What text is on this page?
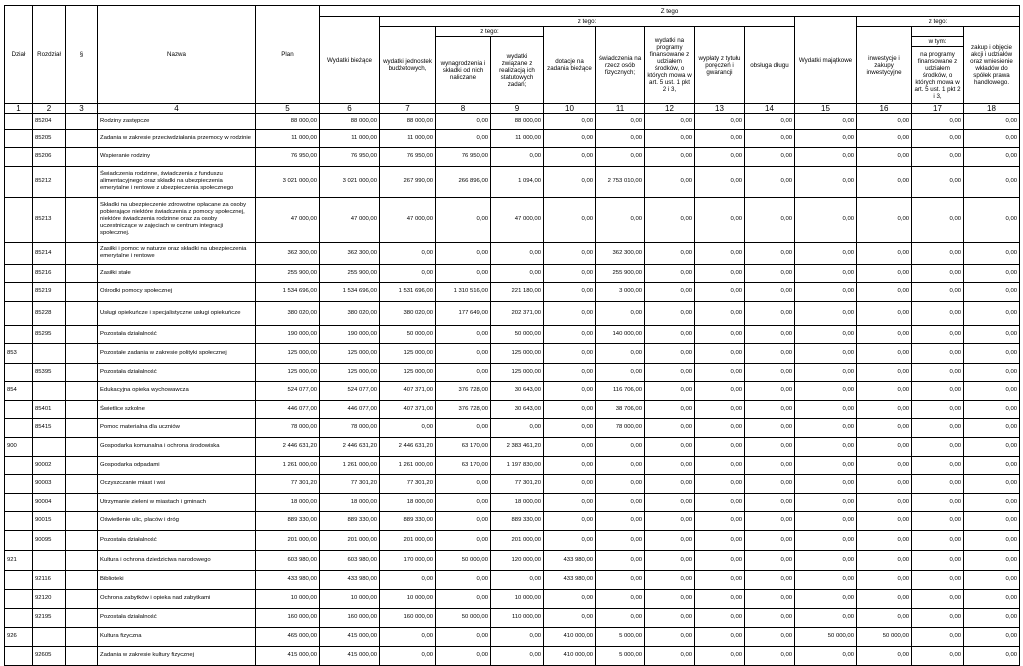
Dział	Rozdział	§	Nazwa	Plan	Z tego												
					Wydatki bieżące	z tego:								Wydatki majątkowe	z tego:		
						wydatki jednostek budżetowych,	z tego:		dotacje na zadania bieżące	świadczenia na rzecz osób fizycznych;	wydatki na programy finansowane z udziałem środków, o których mowa w art. 5 ust. 1 pkt 2 i 3,	wypłaty z tytułu poręczeń i gwarancji	obsługa długu		inwestycje i zakupy inwestycyjne		zakup i objęcie akcji i udziałów oraz wniesienie wkładów do spółek prawa handlowego.
							wynagrodzenia i składki od nich naliczane	wydatki związane z realizacją ich statutowych zadań;								w tym:	
																na programy finansowane z udziałem środków, o których mowa w art. 5 ust. 1 pkt 2 i 3,	
1	2	3	4	5	6	7	8	9	10	11	12	13	14	15	16	17	18
	85204		Rodziny zastępcze	88 000,00	88 000,00	88 000,00	0,00	88 000,00	0,00	0,00	0,00	0,00	0,00	0,00	0,00	0,00	0,00
	85205		Zadania w zakresie przeciwdziałania przemocy w rodzinie	11 000,00	11 000,00	11 000,00	0,00	11 000,00	0,00	0,00	0,00	0,00	0,00	0,00	0,00	0,00	0,00
	85206		Wspieranie rodziny	76 950,00	76 950,00	76 950,00	76 950,00	0,00	0,00	0,00	0,00	0,00	0,00	0,00	0,00	0,00	0,00
	85212		Świadczenia rodzinne, świadczenia z funduszu alimentacyjnego oraz składki na ubezpieczenia emerytalne i rentowe z ubezpieczenia społecznego	3 021 000,00	3 021 000,00	267 990,00	266 896,00	1 094,00	0,00	2 753 010,00	0,00	0,00	0,00	0,00	0,00	0,00	0,00
	85213		Składki na ubezpieczenie zdrowotne opłacane za osoby pobierające niektóre świadczenia z pomocy społecznej, niektóre świadczenia rodzinne oraz za osoby uczestniczące w zajęciach w centrum integracji społecznej.	47 000,00	47 000,00	47 000,00	0,00	47 000,00	0,00	0,00	0,00	0,00	0,00	0,00	0,00	0,00	0,00
	85214		Zasiłki i pomoc w naturze oraz składki na ubezpieczenia emerytalne i rentowe	362 300,00	362 300,00	0,00	0,00	0,00	0,00	362 300,00	0,00	0,00	0,00	0,00	0,00	0,00	0,00
	85216		Zasiłki stałe	255 900,00	255 900,00	0,00	0,00	0,00	0,00	255 900,00	0,00	0,00	0,00	0,00	0,00	0,00	0,00
	85219		Ośrodki pomocy społecznej	1 534 696,00	1 534 696,00	1 531 696,00	1 310 516,00	221 180,00	0,00	3 000,00	0,00	0,00	0,00	0,00	0,00	0,00	0,00
	85228		Usługi opiekuńcze i specjalistyczne usługi opiekuńcze	380 020,00	380 020,00	380 020,00	177 649,00	202 371,00	0,00	0,00	0,00	0,00	0,00	0,00	0,00	0,00	0,00
	85295		Pozostała działalność	190 000,00	190 000,00	50 000,00	0,00	50 000,00	0,00	140 000,00	0,00	0,00	0,00	0,00	0,00	0,00	0,00
853			Pozostałe zadania w zakresie polityki społecznej	125 000,00	125 000,00	125 000,00	0,00	125 000,00	0,00	0,00	0,00	0,00	0,00	0,00	0,00	0,00	0,00
	85395		Pozostała działalność	125 000,00	125 000,00	125 000,00	0,00	125 000,00	0,00	0,00	0,00	0,00	0,00	0,00	0,00	0,00	0,00
854			Edukacyjna opieka wychowawcza	524 077,00	524 077,00	407 371,00	376 728,00	30 643,00	0,00	116 706,00	0,00	0,00	0,00	0,00	0,00	0,00	0,00
	85401		Świetlice szkolne	446 077,00	446 077,00	407 371,00	376 728,00	30 643,00	0,00	38 706,00	0,00	0,00	0,00	0,00	0,00	0,00	0,00
	85415		Pomoc materialna dla uczniów	78 000,00	78 000,00	0,00	0,00	0,00	0,00	78 000,00	0,00	0,00	0,00	0,00	0,00	0,00	0,00
900			Gospodarka komunalna i ochrona środowiska	2 446 631,20	2 446 631,20	2 446 631,20	63 170,00	2 383 461,20	0,00	0,00	0,00	0,00	0,00	0,00	0,00	0,00	0,00
	90002		Gospodarka odpadami	1 261 000,00	1 261 000,00	1 261 000,00	63 170,00	1 197 830,00	0,00	0,00	0,00	0,00	0,00	0,00	0,00	0,00	0,00
	90003		Oczyszczanie miast i wsi	77 301,20	77 301,20	77 301,20	0,00	77 301,20	0,00	0,00	0,00	0,00	0,00	0,00	0,00	0,00	0,00
	90004		Utrzymanie zieleni w miastach i gminach	18 000,00	18 000,00	18 000,00	0,00	18 000,00	0,00	0,00	0,00	0,00	0,00	0,00	0,00	0,00	0,00
	90015		Oświetlenie ulic, placów i dróg	889 330,00	889 330,00	889 330,00	0,00	889 330,00	0,00	0,00	0,00	0,00	0,00	0,00	0,00	0,00	0,00
	90095		Pozostała działalność	201 000,00	201 000,00	201 000,00	0,00	201 000,00	0,00	0,00	0,00	0,00	0,00	0,00	0,00	0,00	0,00
921			Kultura i ochrona dziedzictwa narodowego	603 980,00	603 980,00	170 000,00	50 000,00	120 000,00	433 980,00	0,00	0,00	0,00	0,00	0,00	0,00	0,00	0,00
	92116		Biblioteki	433 980,00	433 980,00	0,00	0,00	0,00	433 980,00	0,00	0,00	0,00	0,00	0,00	0,00	0,00	0,00
	92120		Ochrona zabytków i opieka nad zabytkami	10 000,00	10 000,00	10 000,00	0,00	10 000,00	0,00	0,00	0,00	0,00	0,00	0,00	0,00	0,00	0,00
	92195		Pozostała działalność	160 000,00	160 000,00	160 000,00	50 000,00	110 000,00	0,00	0,00	0,00	0,00	0,00	0,00	0,00	0,00	0,00
926			Kultura fizyczna	465 000,00	415 000,00	0,00	0,00	0,00	410 000,00	5 000,00	0,00	0,00	0,00	50 000,00	50 000,00	0,00	0,00
	92605		Zadania w zakresie kultury fizycznej	415 000,00	415 000,00	0,00	0,00	0,00	410 000,00	5 000,00	0,00	0,00	0,00	0,00	0,00	0,00	0,00
